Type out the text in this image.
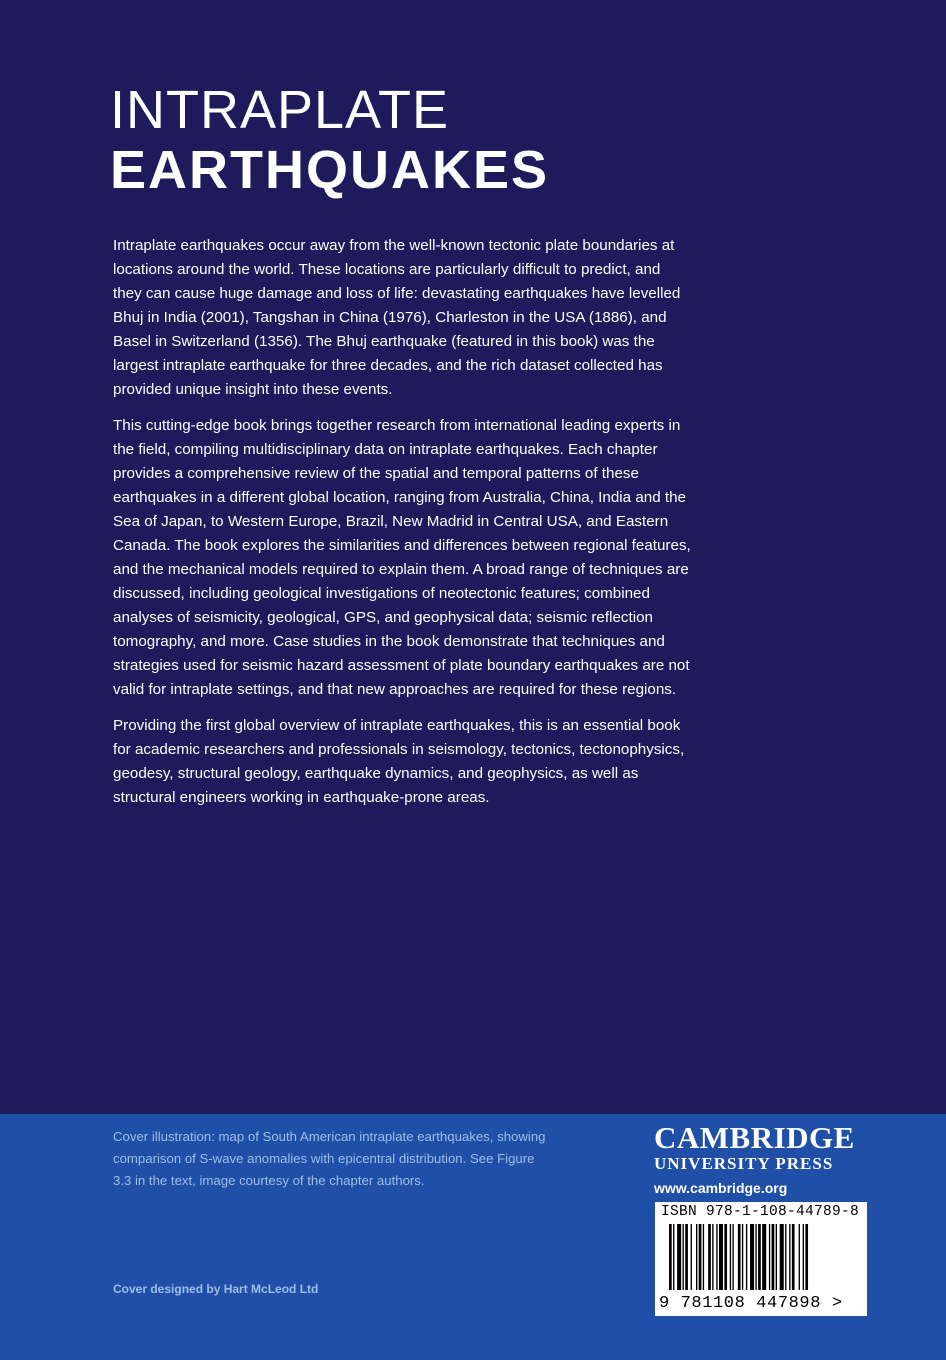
INTRAPLATE
EARTHQUAKES

Intraplate earthquakes occur away from the well-known tectonic plate boundaries at locations around the world. These locations are particularly difficult to predict, and they can cause huge damage and loss of life: devastating earthquakes have levelled Bhuj in India (2001), Tangshan in China (1976), Charleston in the USA (1886), and Basel in Switzerland (1356). The Bhuj earthquake (featured in this book) was the largest intraplate earthquake for three decades, and the rich dataset collected has provided unique insight into these events.

This cutting-edge book brings together research from international leading experts in the field, compiling multidisciplinary data on intraplate earthquakes. Each chapter provides a comprehensive review of the spatial and temporal patterns of these earthquakes in a different global location, ranging from Australia, China, India and the Sea of Japan, to Western Europe, Brazil, New Madrid in Central USA, and Eastern Canada. The book explores the similarities and differences between regional features, and the mechanical models required to explain them. A broad range of techniques are discussed, including geological investigations of neotectonic features; combined analyses of seismicity, geological, GPS, and geophysical data; seismic reflection tomography, and more. Case studies in the book demonstrate that techniques and strategies used for seismic hazard assessment of plate boundary earthquakes are not valid for intraplate settings, and that new approaches are required for these regions.

Providing the first global overview of intraplate earthquakes, this is an essential book for academic researchers and professionals in seismology, tectonics, tectonophysics, geodesy, structural geology, earthquake dynamics, and geophysics, as well as structural engineers working in earthquake-prone areas.

Cover illustration: map of South American intraplate earthquakes, showing comparison of S-wave anomalies with epicentral distribution. See Figure 3.3 in the text, image courtesy of the chapter authors.
Cover designed by Hart McLeod Ltd
CAMBRIDGE
UNIVERSITY PRESS
www.cambridge.org
ISBN 978-1-108-44789-8
9 781108 447898 >
